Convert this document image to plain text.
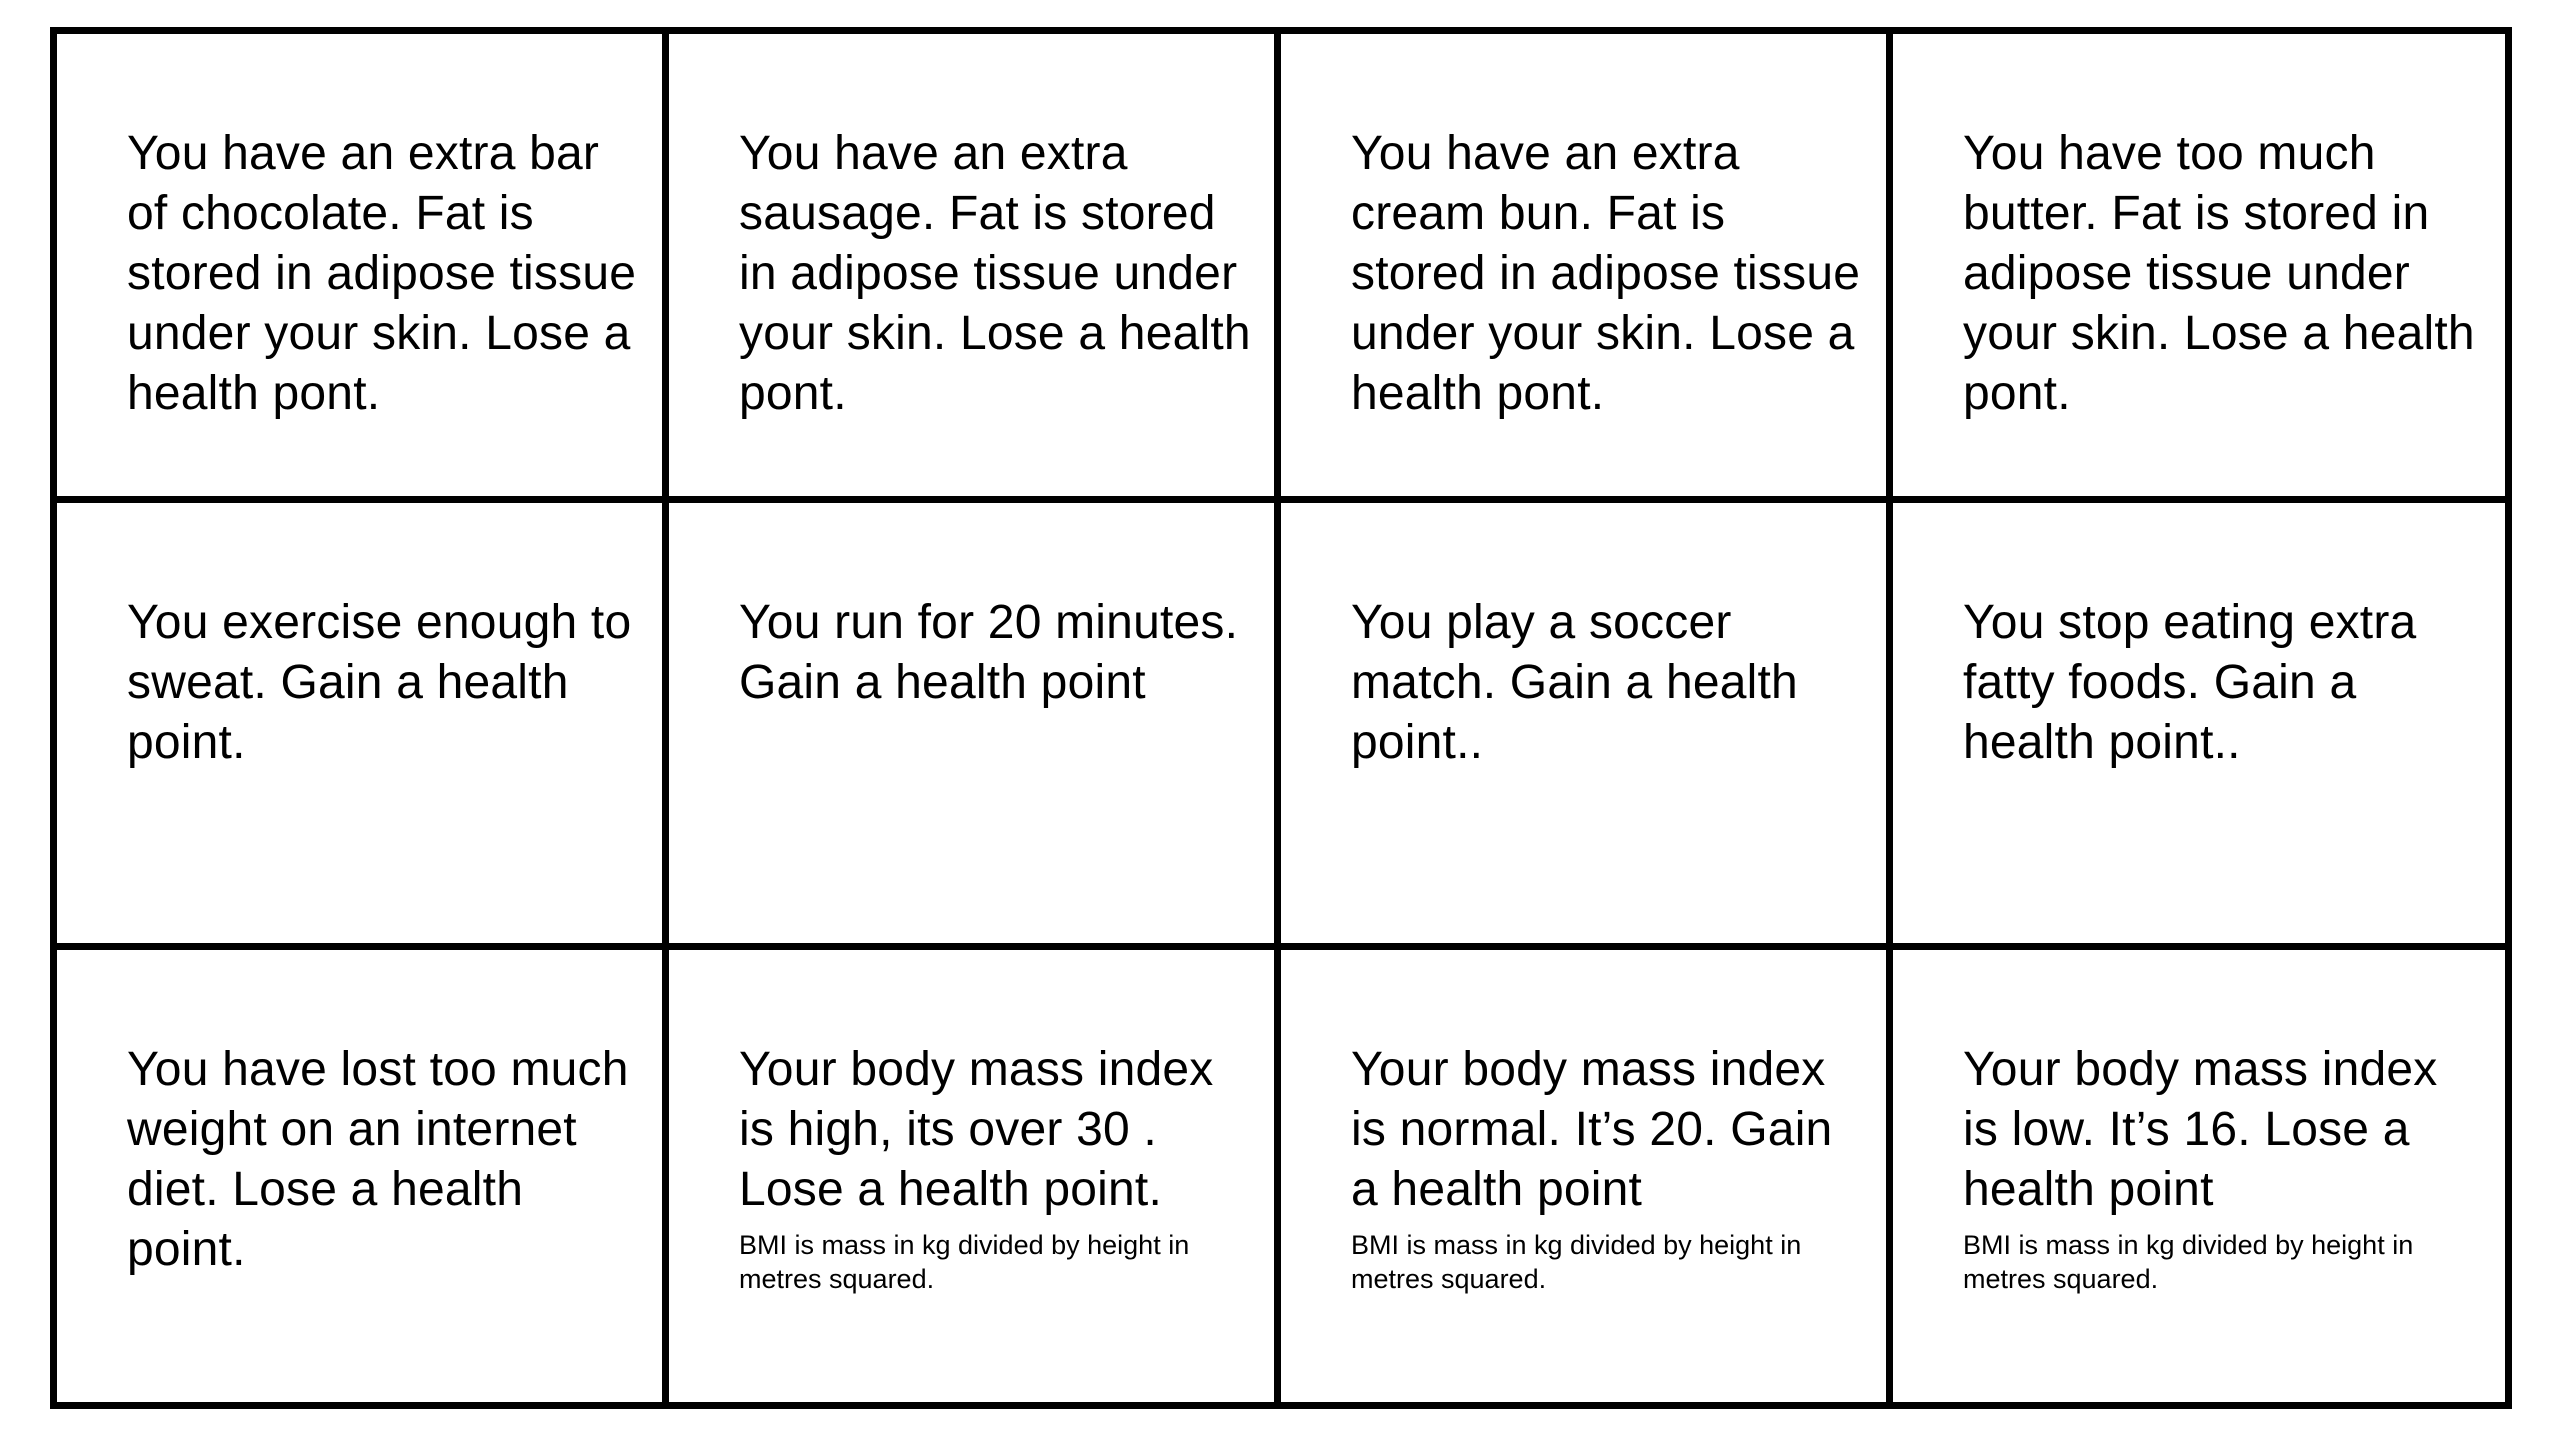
You have an extra bar of chocolate. Fat is stored in adipose tissue under your skin. Lose a health pont.
You have an extra sausage. Fat is stored in adipose tissue under your skin. Lose a health pont.
You have an extra cream bun. Fat is stored in adipose tissue under your skin. Lose a health pont.
You have too much butter. Fat is stored in adipose tissue under your skin. Lose a health pont.
You exercise enough to sweat. Gain a health point.
You run for 20 minutes. Gain a health point
You play a soccer match. Gain a health point..
You stop eating extra fatty foods. Gain a health point..
You have lost too much weight on an internet diet. Lose a health point.
Your body mass index is high, its over 30 . Lose a health point.
BMI is mass in kg divided by height in metres squared.
Your body mass index is normal. It’s 20. Gain a health point
BMI is mass in kg divided by height in metres squared.
Your body mass index is low. It’s 16. Lose a health point
BMI is mass in kg divided by height in metres squared.
